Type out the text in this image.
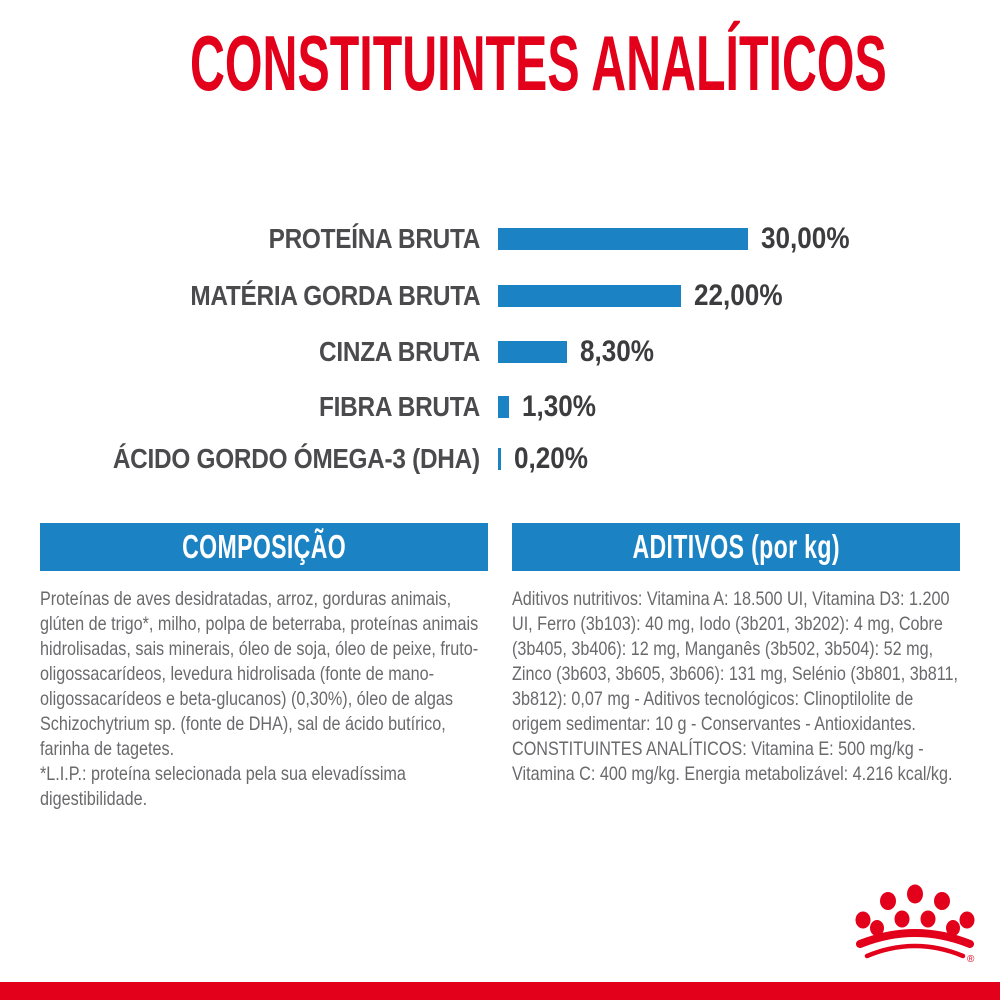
CONSTITUINTES ANALÍTICOS
PROTEÍNA BRUTA	30,00%
MATÉRIA GORDA BRUTA	22,00%
CINZA BRUTA	8,30%
FIBRA BRUTA 1,30%
ÁCIDO GORDO ÓMEGA-3 (DHA) 0,20%
COMPOSIÇÃO	ADITIVOS (por kg)

Proteínas de aves desidratadas, arroz, gorduras animais, glúten de trigo*, milho, polpa de beterraba, proteínas animais hidrolisadas, sais minerais, óleo de soja, óleo de peixe, fruto-oligossacarídeos, levedura hidrolisada (fonte de mano-oligossacarídeos e beta-glucanos) (0,30%), óleo de algas Schizochytrium sp. (fonte de DHA), sal de ácido butírico, farinha de tagetes.

*L.I.P.: proteína selecionada pela sua elevadíssima digestibilidade.

Aditivos nutritivos: Vitamina A: 18.500 UI, Vitamina D3: 1.200 UI, Ferro (3b103): 40 mg, Iodo (3b201, 3b202): 4 mg, Cobre (3b405, 3b406): 12 mg, Manganês (3b502, 3b504): 52 mg, Zinco (3b603, 3b605, 3b606): 131 mg, Selénio (3b801, 3b811, 3b812): 0,07 mg - Aditivos tecnológicos: Clinoptilolite de origem sedimentar: 10 g - Conservantes - Antioxidantes. CONSTITUINTES ANALÍTICOS: Vitamina E: 500 mg/kg - Vitamina C: 400 mg/kg. Energia metabolizável: 4.216 kcal/kg.

®
